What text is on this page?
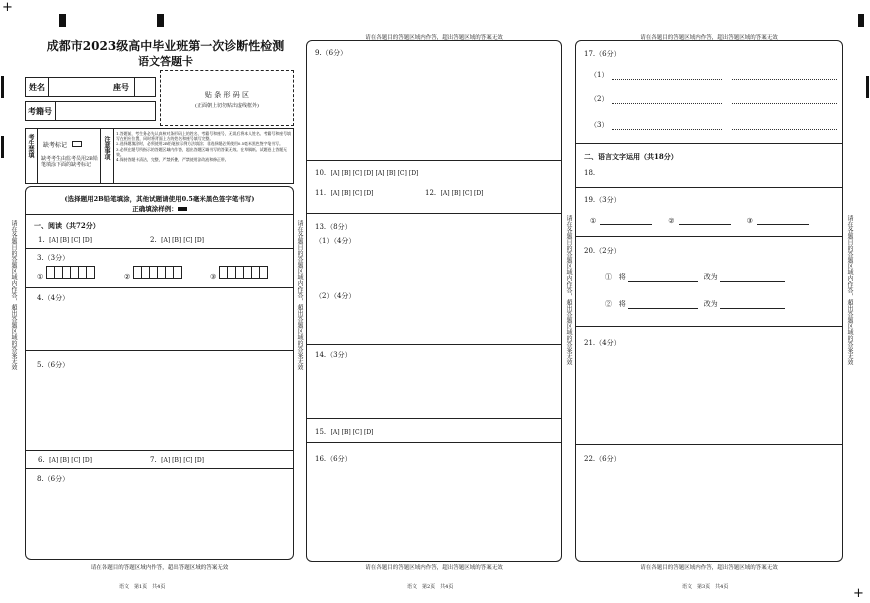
+
+
成都市2023级高中毕业班第一次诊断性检测
语文答题卡
姓名	座号
考籍号
贴 条 形 码 区
(正面朝上切勿贴出虚线框外)
考生禁填 缺考标记
缺考考生由监考员用2B铅笔填涂下面的缺考标记
注意事项
1.答题前，考生务必先认真核对条形码上的姓名、考籍号和座号，无误后将本人姓名、考籍号和座号填写在相应位置，同时将背面上方的姓名和座号填写完整。
2.选择题填涂时，必须使用2B铅笔按示例方法填涂；非选择题必须使用0.5毫米黑色签字笔书写。
3.必须在题号所指示的答题区域内作答，超出答题区域书写的答案无效。在草稿纸、试题卷上答题无效。
4.保持答题卡清洁，完整，严禁折叠，严禁使用涂改液和修正带。
请在各题目的答题区域内作答，超出答题区域的答案无效	请在各题目的答题区域内作答，超出答题区域的答案无效
(选择题用2B铅笔填涂，其他试题请使用0.5毫米黑色签字笔书写)
正确填涂样例：
一、阅读（共72分）
1. [A] [B] [C] [D]	2. [A] [B] [C] [D]
3.（3分）
①	②	③
4.（4分）
5.（6分）
6. [A] [B] [C] [D]	7. [A] [B] [C] [D]
8.（6分）
请在各题目的答题区域内作答，超出答题区域的答案无效
语文　第1页　共4页
请在各题目的答题区域内作答，超出答题区域的答案无效
9.（6分）
10. [A] [B] [C] [D] [A] [B] [C] [D]
11. [A] [B] [C] [D]	12. [A] [B] [C] [D]
13.（8分）
（1）（4分）
（2）（4分）
14.（3分）
15. [A] [B] [C] [D]
16.（6分）
请在各题目的答题区域内作答，超出答题区域的答案无效
语文　第2页　共4页
请在各题目的答题区域内作答，超出答题区域的答案无效
请在各题目的答题区域内作答，超出答题区域的答案无效
17.（6分）
（1）
（2）
（3）
二、语言文字运用（共18分）
18.
19.（3分）
①	②	③
20.（2分）
① 将	改为
② 将	改为
21.（4分）
22.（6分）
请在各题目的答题区域内作答，超出答题区域的答案无效
语文　第3页　共4页
请在各题目的答题区域内作答，超出答题区域的答案无效
